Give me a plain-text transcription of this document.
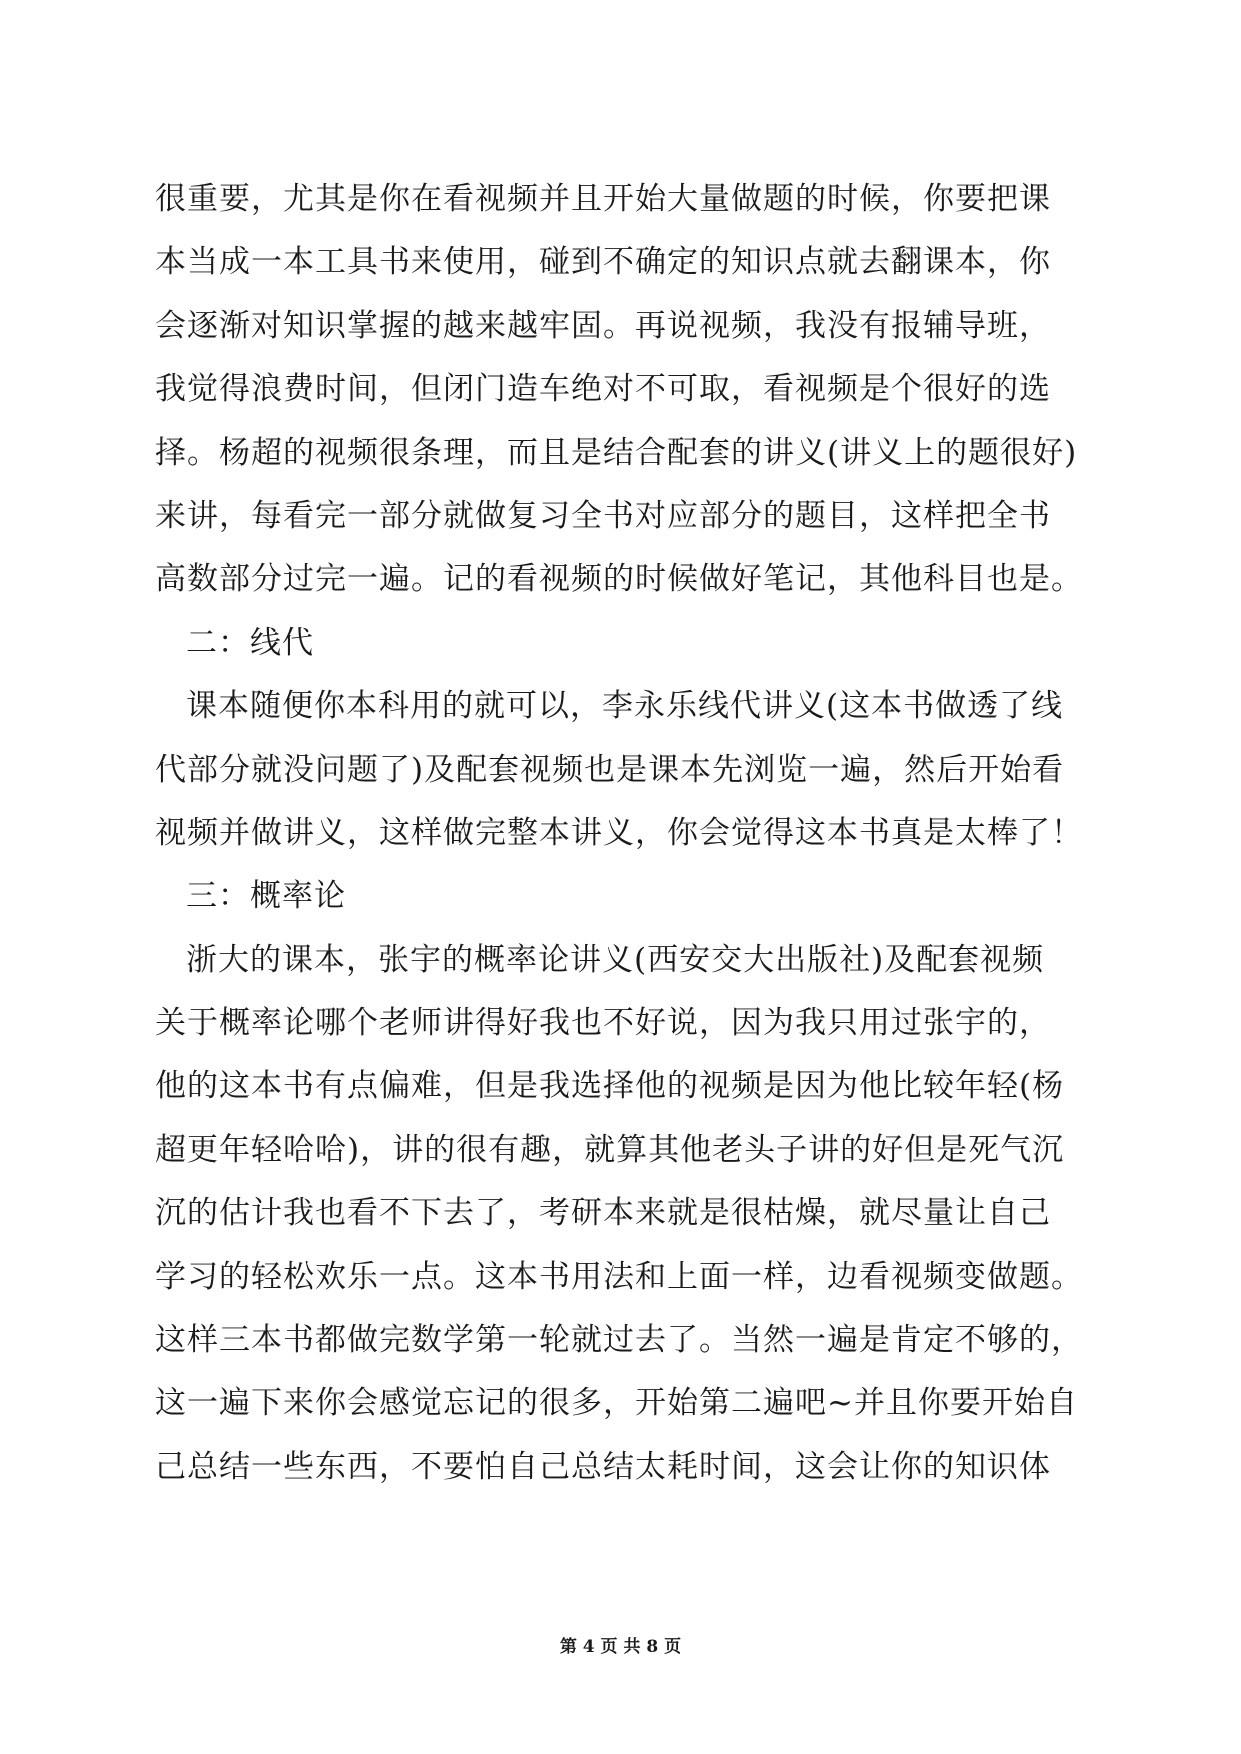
很重要，尤其是你在看视频并且开始大量做题的时候，你要把课
本当成一本工具书来使用，碰到不确定的知识点就去翻课本，你
会逐渐对知识掌握的越来越牢固。再说视频，我没有报辅导班，
我觉得浪费时间，但闭门造车绝对不可取，看视频是个很好的选
择。杨超的视频很条理，而且是结合配套的讲义(讲义上的题很好)
来讲，每看完一部分就做复习全书对应部分的题目，这样把全书
高数部分过完一遍。记的看视频的时候做好笔记，其他科目也是。
二：线代
课本随便你本科用的就可以，李永乐线代讲义(这本书做透了线
代部分就没问题了)及配套视频也是课本先浏览一遍，然后开始看
视频并做讲义，这样做完整本讲义，你会觉得这本书真是太棒了！
三：概率论
浙大的课本，张宇的概率论讲义(西安交大出版社)及配套视频
关于概率论哪个老师讲得好我也不好说，因为我只用过张宇的，
他的这本书有点偏难，但是我选择他的视频是因为他比较年轻(杨
超更年轻哈哈)，讲的很有趣，就算其他老头子讲的好但是死气沉
沉的估计我也看不下去了，考研本来就是很枯燥，就尽量让自己
学习的轻松欢乐一点。这本书用法和上面一样，边看视频变做题。
这样三本书都做完数学第一轮就过去了。当然一遍是肯定不够的，
这一遍下来你会感觉忘记的很多，开始第二遍吧~并且你要开始自
己总结一些东西，不要怕自己总结太耗时间，这会让你的知识体
第 4 页 共 8 页
